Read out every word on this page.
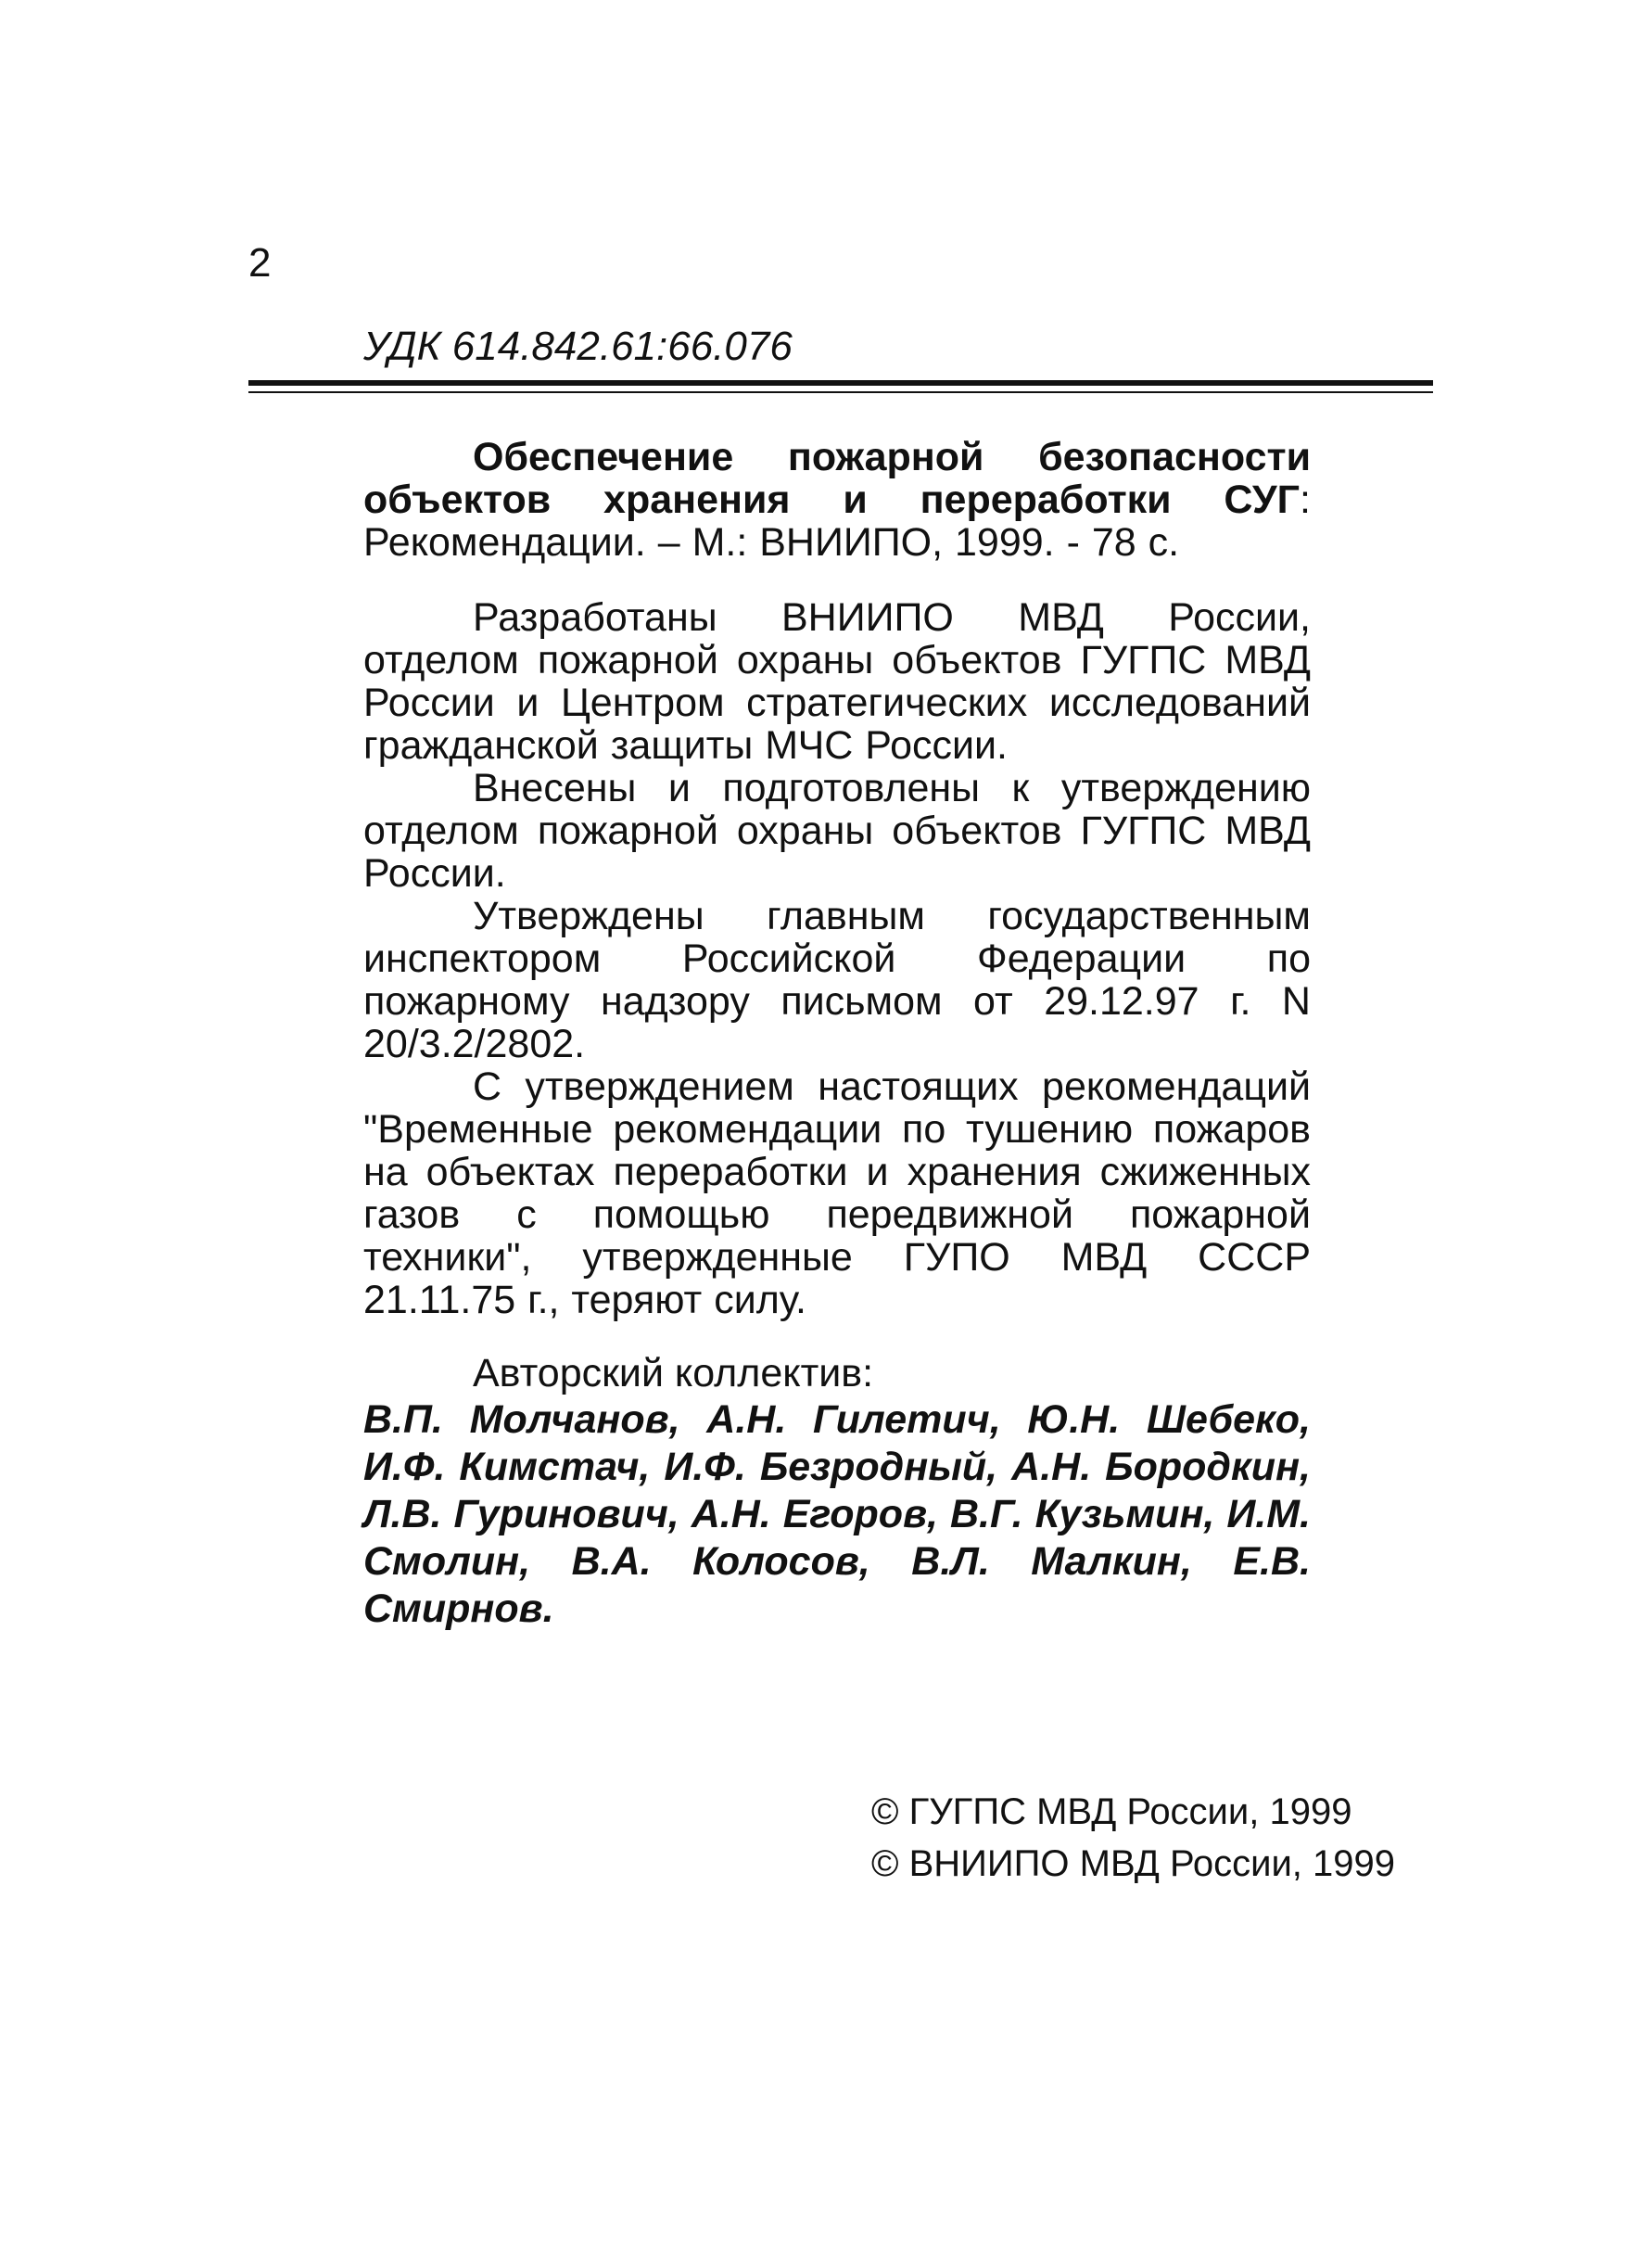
2
УДК 614.842.61:66.076

Обеспечение пожарной безопасности объектов хранения и переработки СУГ: Рекомендации. – М.: ВНИИПО, 1999. - 78 с.

Разработаны ВНИИПО МВД России, отделом пожарной охраны объектов ГУГПС МВД России и Центром стратегических исследований гражданской защиты МЧС России.

Внесены и подготовлены к утверждению отделом пожарной охраны объектов ГУГПС МВД России.

Утверждены главным государственным инспектором Российской Федерации по пожарному надзору письмом от 29.12.97 г. N 20/3.2/2802.

С утверждением настоящих рекомендаций "Временные рекомендации по тушению пожаров на объектах переработки и хранения сжиженных газов с помощью передвижной пожарной техники", утвержденные ГУПО МВД СССР 21.11.75 г., теряют силу.

Авторский коллектив:
В.П. Молчанов, А.Н. Гилетич, Ю.Н. Шебеко, И.Ф. Кимстач, И.Ф. Безродный, А.Н. Бородкин, Л.В. Гуринович, А.Н. Егоров, В.Г. Кузьмин, И.М. Смолин, В.А. Колосов, В.Л. Малкин, Е.В. Смирнов.
© ГУГПС МВД России, 1999
© ВНИИПО МВД России, 1999
